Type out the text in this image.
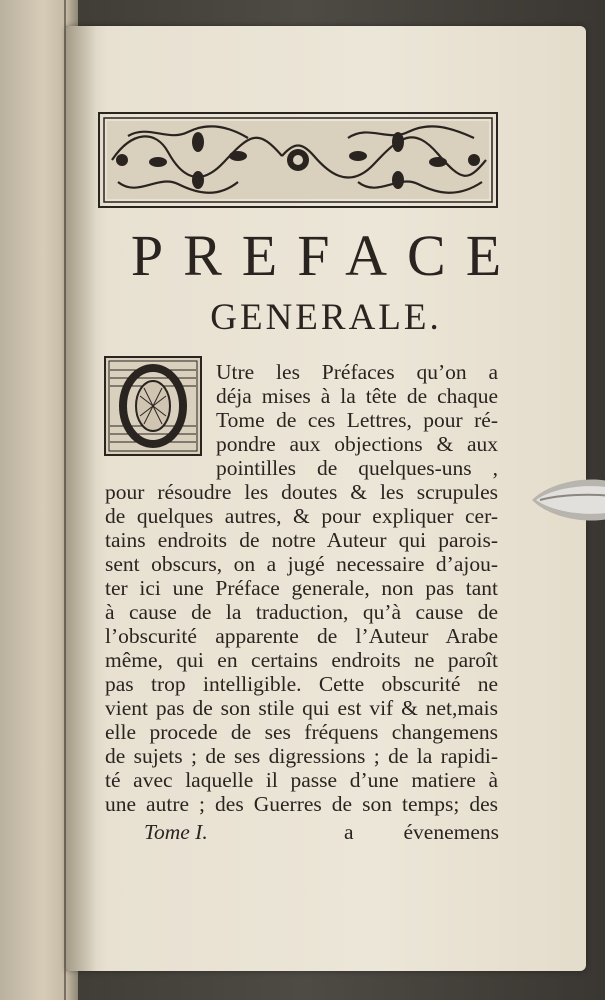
PREFACE
GENERALE.
Utre les Préfaces qu’on a
déja mises à la tête de chaque
Tome de ces Lettres, pour ré-
pondre aux objections & aux
pointilles de quelques-uns ,
pour résoudre les doutes & les scrupules
de quelques autres, & pour expliquer cer-
tains endroits de notre Auteur qui parois-
sent obscurs, on a jugé necessaire d’ajou-
ter ici une Préface generale, non pas tant
à cause de la traduction, qu’à cause de
l’obscurité apparente de l’Auteur Arabe
même, qui en certains endroits ne paroît
pas trop intelligible. Cette obscurité ne
vient pas de son stile qui est vif & net,mais
elle procede de ses fréquens changemens
de sujets ; de ses digressions ; de la rapidi-
té avec laquelle il passe d’une matiere à
une autre ; des Guerres de son temps; des
Tome I.	a évenemens
